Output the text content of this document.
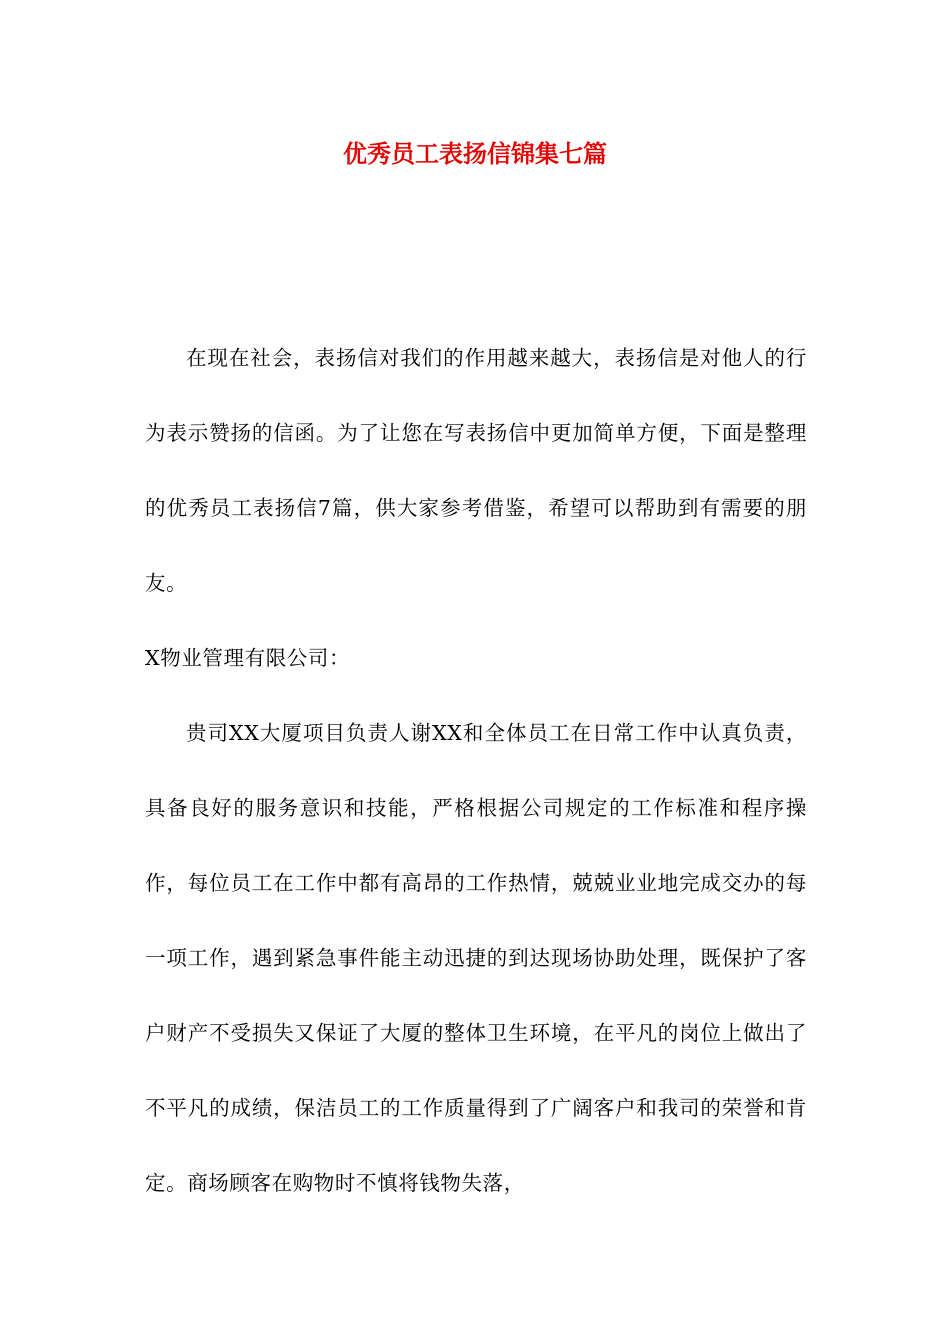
优秀员工表扬信锦集七篇

在现在社会，表扬信对我们的作用越来越大，表扬信是对他人的行为表示赞扬的信函。为了让您在写表扬信中更加简单方便，下面是整理的优秀员工表扬信7篇，供大家参考借鉴，希望可以帮助到有需要的朋友。

X物业管理有限公司：

贵司XX大厦项目负责人谢XX和全体员工在日常工作中认真负责，具备良好的服务意识和技能，严格根据公司规定的工作标准和程序操作，每位员工在工作中都有高昂的工作热情，兢兢业业地完成交办的每一项工作，遇到紧急事件能主动迅捷的到达现场协助处理，既保护了客户财产不受损失又保证了大厦的整体卫生环境，在平凡的岗位上做出了不平凡的成绩，保洁员工的工作质量得到了广阔客户和我司的荣誉和肯定。商场顾客在购物时不慎将钱物失落，
